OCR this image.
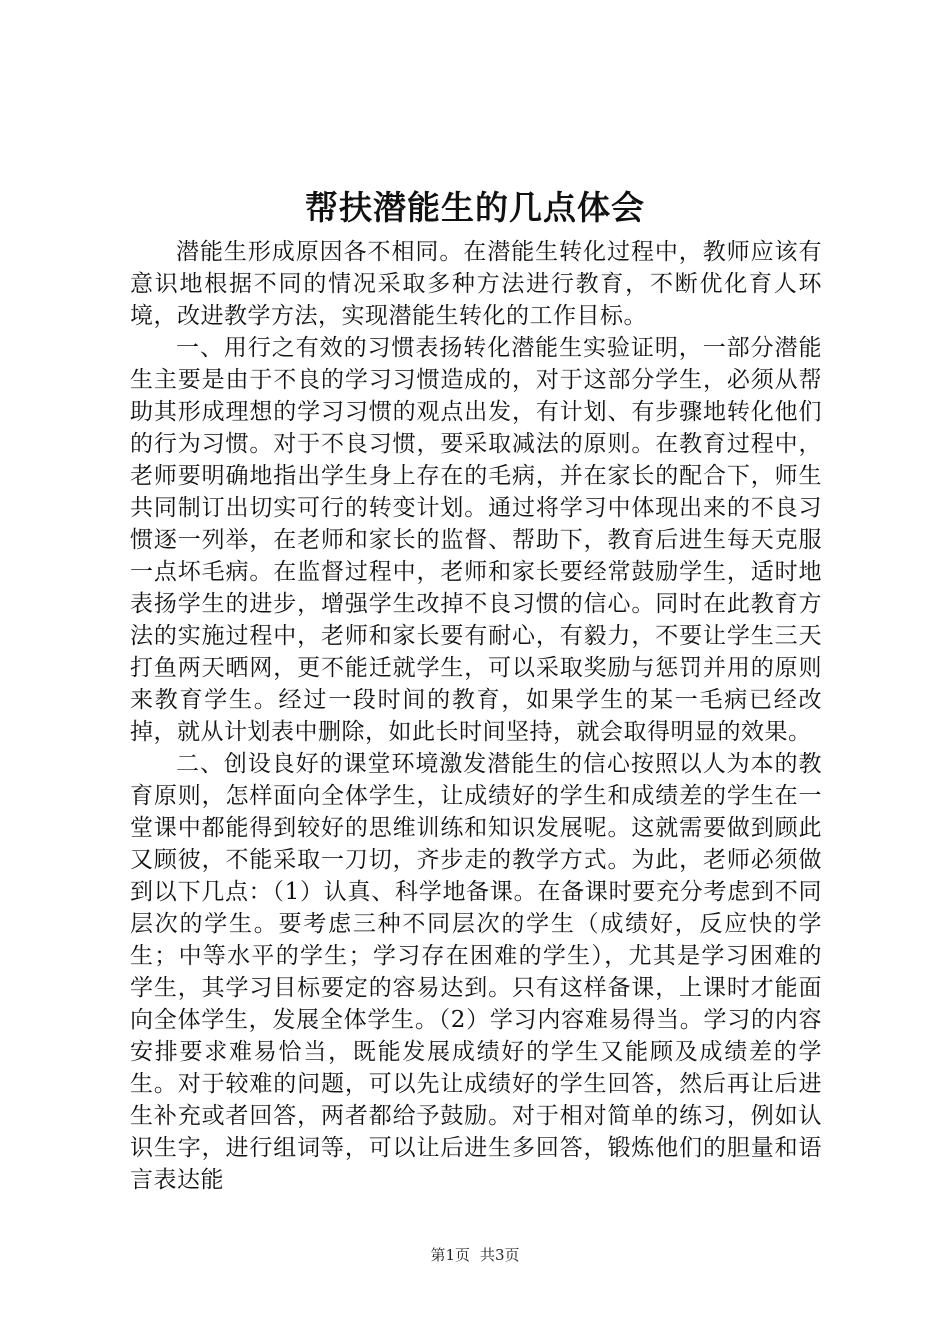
帮扶潜能生的几点体会

潜能生形成原因各不相同。在潜能生转化过程中，教师应该有意识地根据不同的情况采取多种方法进行教育，不断优化育人环境，改进教学方法，实现潜能生转化的工作目标。

一、用行之有效的习惯表扬转化潜能生实验证明，一部分潜能生主要是由于不良的学习习惯造成的，对于这部分学生，必须从帮助其形成理想的学习习惯的观点出发，有计划、有步骤地转化他们的行为习惯。对于不良习惯，要采取减法的原则。在教育过程中，老师要明确地指出学生身上存在的毛病，并在家长的配合下，师生共同制订出切实可行的转变计划。通过将学习中体现出来的不良习惯逐一列举，在老师和家长的监督、帮助下，教育后进生每天克服一点坏毛病。在监督过程中，老师和家长要经常鼓励学生，适时地表扬学生的进步，增强学生改掉不良习惯的信心。同时在此教育方法的实施过程中，老师和家长要有耐心，有毅力，不要让学生三天打鱼两天晒网，更不能迁就学生，可以采取奖励与惩罚并用的原则来教育学生。经过一段时间的教育，如果学生的某一毛病已经改掉，就从计划表中删除，如此长时间坚持，就会取得明显的效果。

二、创设良好的课堂环境激发潜能生的信心按照以人为本的教育原则，怎样面向全体学生，让成绩好的学生和成绩差的学生在一堂课中都能得到较好的思维训练和知识发展呢。这就需要做到顾此又顾彼，不能采取一刀切，齐步走的教学方式。为此，老师必须做到以下几点：（1）认真、科学地备课。在备课时要充分考虑到不同层次的学生。要考虑三种不同层次的学生（成绩好，反应快的学生；中等水平的学生；学习存在困难的学生），尤其是学习困难的学生，其学习目标要定的容易达到。只有这样备课，上课时才能面向全体学生，发展全体学生。（2）学习内容难易得当。学习的内容安排要求难易恰当，既能发展成绩好的学生又能顾及成绩差的学生。对于较难的问题，可以先让成绩好的学生回答，然后再让后进生补充或者回答，两者都给予鼓励。对于相对简单的练习，例如认识生字，进行组词等，可以让后进生多回答，锻炼他们的胆量和语言表达能

第1页 共3页
